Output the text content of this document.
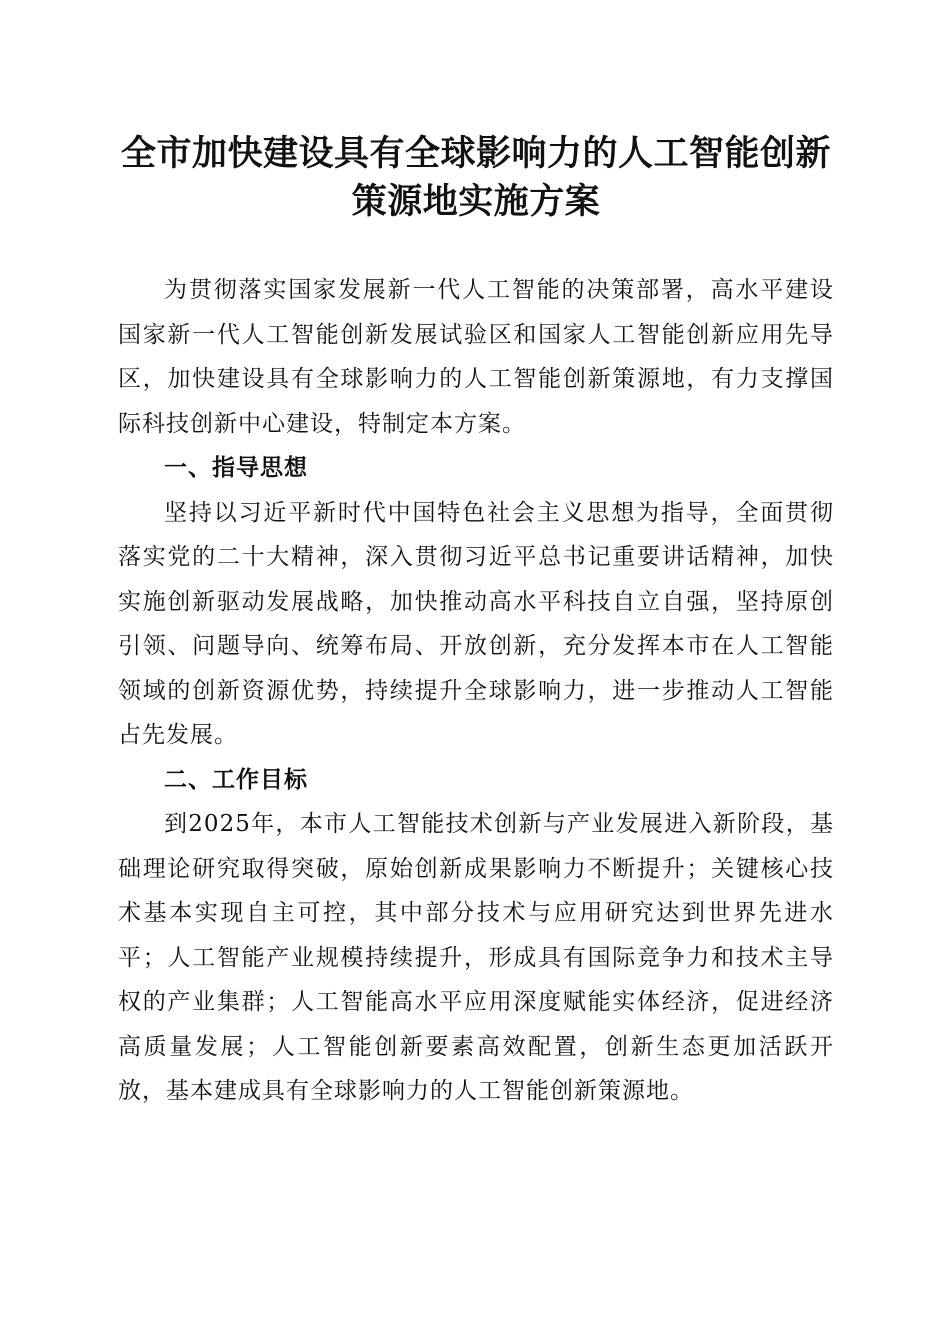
全市加快建设具有全球影响力的人工智能创新策源地实施方案

为贯彻落实国家发展新一代人工智能的决策部署，高水平建设国家新一代人工智能创新发展试验区和国家人工智能创新应用先导区，加快建设具有全球影响力的人工智能创新策源地，有力支撑国际科技创新中心建设，特制定本方案。

一、指导思想

坚持以习近平新时代中国特色社会主义思想为指导，全面贯彻落实党的二十大精神，深入贯彻习近平总书记重要讲话精神，加快实施创新驱动发展战略，加快推动高水平科技自立自强，坚持原创引领、问题导向、统筹布局、开放创新，充分发挥本市在人工智能领域的创新资源优势，持续提升全球影响力，进一步推动人工智能占先发展。

二、工作目标

到2025年，本市人工智能技术创新与产业发展进入新阶段，基础理论研究取得突破，原始创新成果影响力不断提升；关键核心技术基本实现自主可控，其中部分技术与应用研究达到世界先进水平；人工智能产业规模持续提升，形成具有国际竞争力和技术主导权的产业集群；人工智能高水平应用深度赋能实体经济，促进经济高质量发展；人工智能创新要素高效配置，创新生态更加活跃开放，基本建成具有全球影响力的人工智能创新策源地。
